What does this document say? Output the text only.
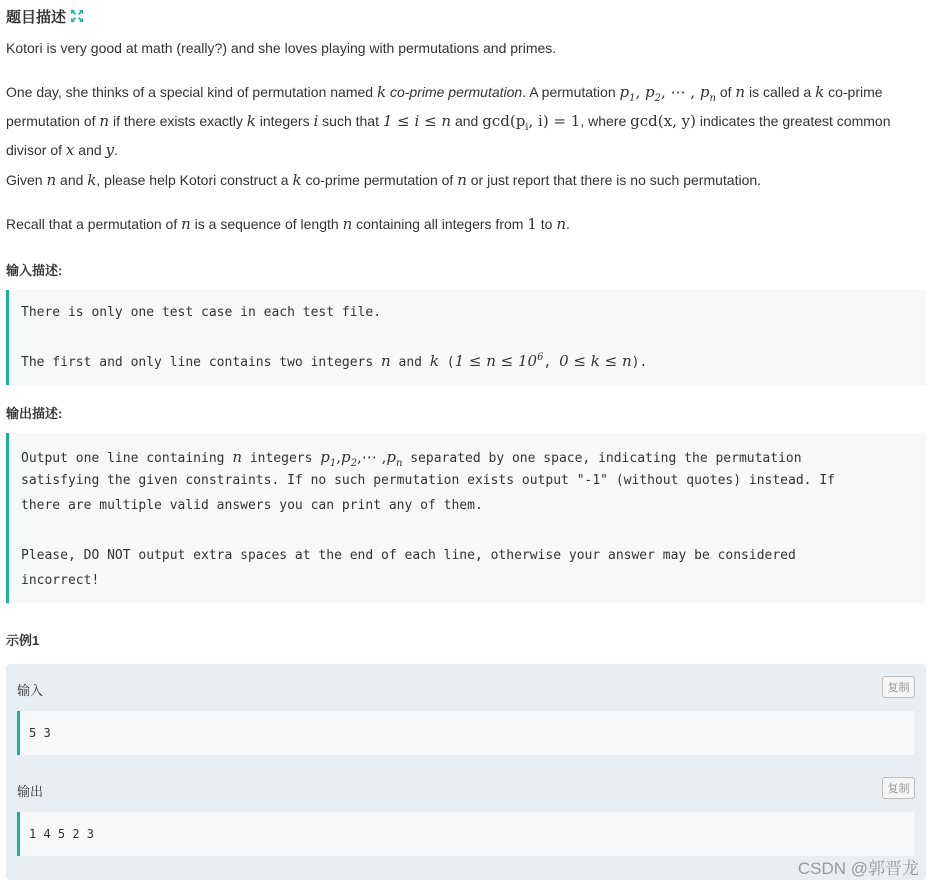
题目描述
Kotori is very good at math (really?) and she loves playing with permutations and primes.
One day, she thinks of a special kind of permutation named k co-prime permutation. A permutation $p_1$, $p_2$, ⋯ , $p_n$ of n is called a k co-prime
permutation of n if there exists exactly k integers i such that 1 ≤ i ≤ n and $\gcd(p_i$, i) = 1, where gcd(x, y) indicates the greatest common
divisor of x and y.
Given n and k, please help Kotori construct a k co-prime permutation of n or just report that there is no such permutation.
Recall that a permutation of n is a sequence of length n containing all integers from 1 to n.
输入描述:
There is only one test case in each test file.
The first and only line contains two integers n and k ($1 \le n \le 10^6$, 0 ≤ k ≤ n).
输出描述:
Output one line containing n integers $p_1,p_2,\cdots$ $,p_n$ separated by one space, indicating the permutation
satisfying the given constraints. If no such permutation exists output "-1" (without quotes) instead. If
there are multiple valid answers you can print any of them.
Please, DO NOT output extra spaces at the end of each line, otherwise your answer may be considered
incorrect!
示例1
输入	复制
5 3
输出	复制
1 4 5 2 3
CSDN @郭晋龙
